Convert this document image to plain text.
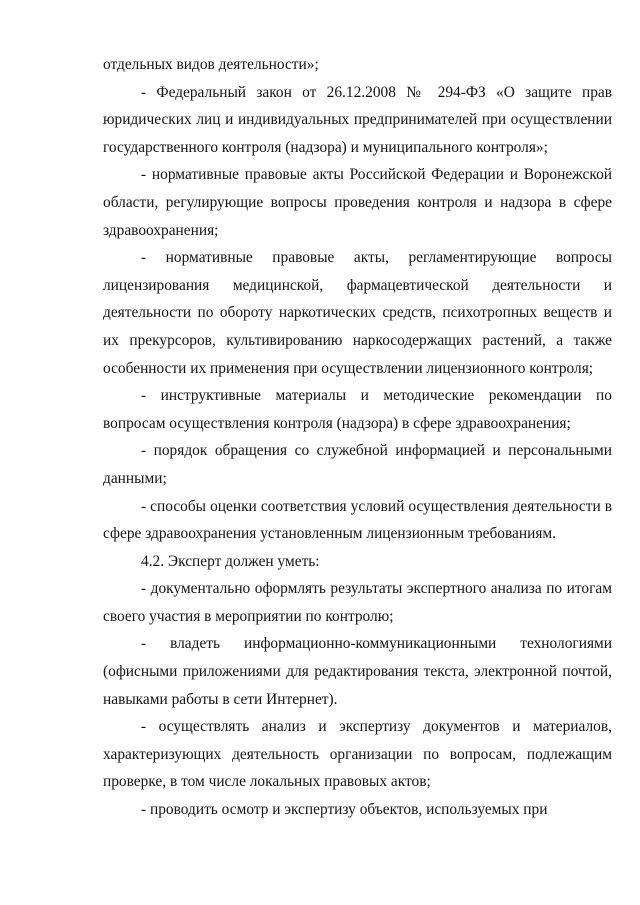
отдельных видов деятельности»;

- Федеральный закон от 26.12.2008 № 294-ФЗ «О защите прав юридических лиц и индивидуальных предпринимателей при осуществлении государственного контроля (надзора) и муниципального контроля»;

- нормативные правовые акты Российской Федерации и Воронежской области, регулирующие вопросы проведения контроля и надзора в сфере здравоохранения;

- нормативные правовые акты, регламентирующие вопросы лицензирования медицинской, фармацевтической деятельности и деятельности по обороту наркотических средств, психотропных веществ и их прекурсоров, культивированию наркосодержащих растений, а также особенности их применения при осуществлении лицензионного контроля;

- инструктивные материалы и методические рекомендации по вопросам осуществления контроля (надзора) в сфере здравоохранения;

- порядок обращения со служебной информацией и персональными данными;

- способы оценки соответствия условий осуществления деятельности в сфере здравоохранения установленным лицензионным требованиям.

4.2. Эксперт должен уметь:

- документально оформлять результаты экспертного анализа по итогам своего участия в мероприятии по контролю;

- владеть информационно-коммуникационными технологиями (офисными приложениями для редактирования текста, электронной почтой, навыками работы в сети Интернет).

- осуществлять анализ и экспертизу документов и материалов, характеризующих деятельность организации по вопросам, подлежащим проверке, в том числе локальных правовых актов;

- проводить осмотр и экспертизу объектов, используемых при
